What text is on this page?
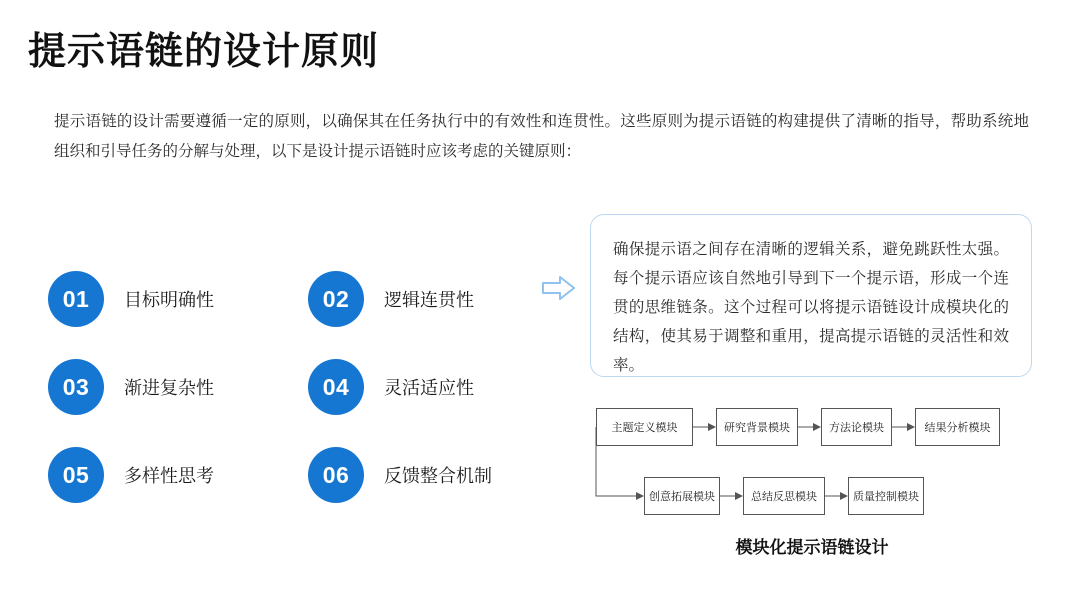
提示语链的设计原则
提示语链的设计需要遵循一定的原则，以确保其在任务执行中的有效性和连贯性。这些原则为提示语链的构建提供了清晰的指导，帮助系统地组织和引导任务的分解与处理，以下是设计提示语链时应该考虑的关键原则：
01	目标明确性	02	逻辑连贯性
03	渐进复杂性	04	灵活适应性
05	多样性思考	06	反馈整合机制

确保提示语之间存在清晰的逻辑关系，避免跳跃性太强。每个提示语应该自然地引导到下一个提示语，形成一个连贯的思维链条。这个过程可以将提示语链设计成模块化的结构，使其易于调整和重用，提高提示语链的灵活性和效率。

主题定义模块	研究背景模块	方法论模块	结果分析模块
创意拓展模块	总结反思模块	质量控制模块
模块化提示语链设计
